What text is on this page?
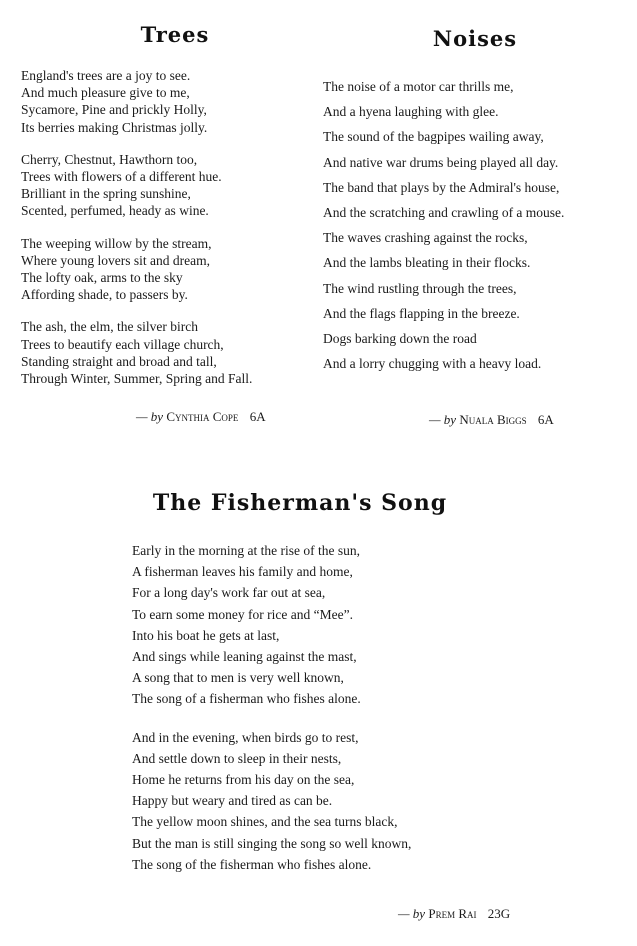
Trees

England's trees are a joy to see.
And much pleasure give to me,
Sycamore, Pine and prickly Holly,
Its berries making Christmas jolly.

Cherry, Chestnut, Hawthorn too,
Trees with flowers of a different hue.
Brilliant in the spring sunshine,
Scented, perfumed, heady as wine.

The weeping willow by the stream,
Where young lovers sit and dream,
The lofty oak, arms to the sky
Affording shade, to passers by.

The ash, the elm, the silver birch
Trees to beautify each village church,
Standing straight and broad and tall,
Through Winter, Summer, Spring and Fall.

— by Cynthia Cope 6A
Noises
The noise of a motor car thrills me,
And a hyena laughing with glee.
The sound of the bagpipes wailing away,
And native war drums being played all day.
The band that plays by the Admiral's house,
And the scratching and crawling of a mouse.
The waves crashing against the rocks,
And the lambs bleating in their flocks.
The wind rustling through the trees,
And the flags flapping in the breeze.
Dogs barking down the road
And a lorry chugging with a heavy load.
— by Nuala Biggs 6A
The Fisherman's Song

Early in the morning at the rise of the sun,
A fisherman leaves his family and home,
For a long day's work far out at sea,
To earn some money for rice and “Mee”.
Into his boat he gets at last,
And sings while leaning against the mast,
A song that to men is very well known,
The song of a fisherman who fishes alone.

And in the evening, when birds go to rest,
And settle down to sleep in their nests,
Home he returns from his day on the sea,
Happy but weary and tired as can be.
The yellow moon shines, and the sea turns black,
But the man is still singing the song so well known,
The song of the fisherman who fishes alone.

— by Prem Rai 23G
